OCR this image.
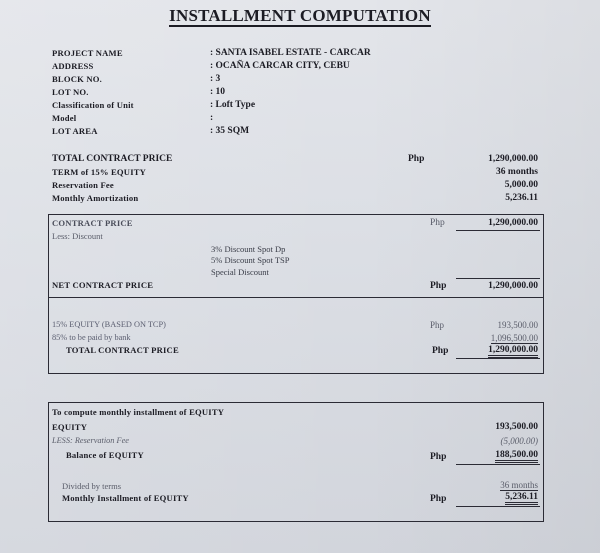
INSTALLMENT COMPUTATION
PROJECT NAME	: SANTA ISABEL ESTATE - CARCAR
ADDRESS	: OCAÑA CARCAR CITY, CEBU
BLOCK NO.	: 3
LOT NO.	: 10
Classification of Unit	: Loft Type
Model	:
LOT AREA	: 35 SQM
TOTAL CONTRACT PRICE	Php	1,290,000.00
TERM of 15% EQUITY	36 months
Reservation Fee	5,000.00
Monthly Amortization	5,236.11
CONTRACT PRICE	Php	1,290,000.00
Less: Discount
3% Discount Spot Dp
5% Discount Spot TSP
Special Discount
NET CONTRACT PRICE	Php	1,290,000.00
15% EQUITY (BASED ON TCP)	Php	193,500.00
85% to be paid by bank	1,096,500.00
TOTAL CONTRACT PRICE	Php	1,290,000.00
To compute monthly installment of EQUITY
EQUITY	193,500.00
LESS: Reservation Fee	(5,000.00)
Balance of EQUITY	Php	188,500.00
Divided by terms	36 months
Monthly Installment of EQUITY	Php	5,236.11
